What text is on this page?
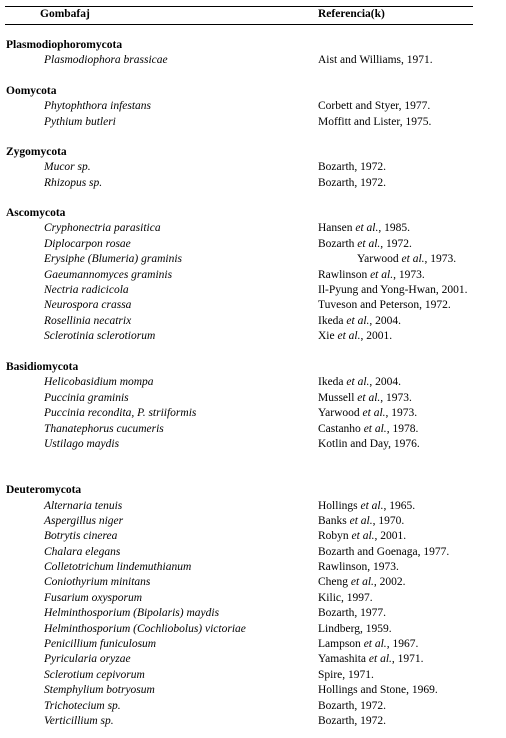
Gombafaj	Referencia(k)
Plasmodiophoromycota
Plasmodiophora brassicae	Aist and Williams, 1971.
Oomycota
Phytophthora infestans	Corbett and Styer, 1977.
Pythium butleri	Moffitt and Lister, 1975.
Zygomycota
Mucor sp.	Bozarth, 1972.
Rhizopus sp.	Bozarth, 1972.
Ascomycota
Cryphonectria parasitica	Hansen et al., 1985.
Diplocarpon rosae	Bozarth et al., 1972.
Erysiphe (Blumeria) graminis	Yarwood et al., 1973.
Gaeumannomyces graminis	Rawlinson et al., 1973.
Nectria radicicola	Il-Pyung and Yong-Hwan, 2001.
Neurospora crassa	Tuveson and Peterson, 1972.
Rosellinia necatrix	Ikeda et al., 2004.
Sclerotinia sclerotiorum	Xie et al., 2001.
Basidiomycota
Helicobasidium mompa	Ikeda et al., 2004.
Puccinia graminis	Mussell et al., 1973.
Puccinia recondita, P. striiformis	Yarwood et al., 1973.
Thanatephorus cucumeris	Castanho et al., 1978.
Ustilago maydis	Kotlin and Day, 1976.
Deuteromycota
Alternaria tenuis	Hollings et al., 1965.
Aspergillus niger	Banks et al., 1970.
Botrytis cinerea	Robyn et al., 2001.
Chalara elegans	Bozarth and Goenaga, 1977.
Colletotrichum lindemuthianum	Rawlinson, 1973.
Coniothyrium minitans	Cheng et al., 2002.
Fusarium oxysporum	Kilic, 1997.
Helminthosporium (Bipolaris) maydis	Bozarth, 1977.
Helminthosporium (Cochliobolus) victoriae	Lindberg, 1959.
Penicillium funiculosum	Lampson et al., 1967.
Pyricularia oryzae	Yamashita et al., 1971.
Sclerotium cepivorum	Spire, 1971.
Stemphylium botryosum	Hollings and Stone, 1969.
Trichotecium sp.	Bozarth, 1972.
Verticillium sp.	Bozarth, 1972.
